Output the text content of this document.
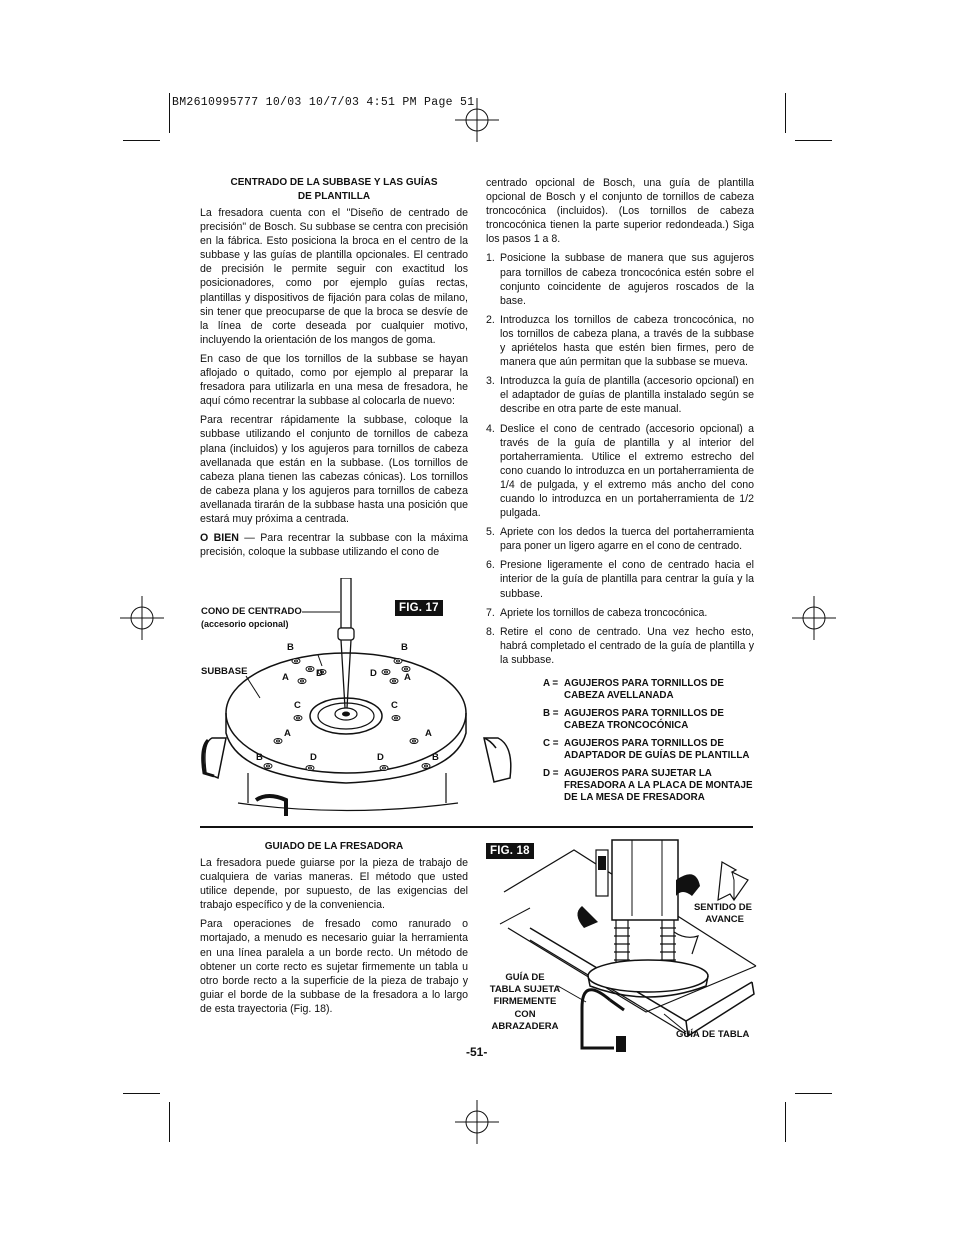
BM2610995777 10/03 10/7/03 4:51 PM Page 51
CENTRADO DE LA SUBBASE Y LAS GUÍAS
DE PLANTILLA

La fresadora cuenta con el "Diseño de centrado de precisión" de Bosch. Su subbase se centra con precisión en la fábrica. Esto posiciona la broca en el centro de la subbase y las guías de plantilla opcionales. El centrado de precisión le permite seguir con exactitud los posicionadores, como por ejemplo guías rectas, plantillas y dispositivos de fijación para colas de milano, sin tener que preocuparse de que la broca se desvíe de la línea de corte deseada por cualquier motivo, incluyendo la orientación de los mangos de goma.

En caso de que los tornillos de la subbase se hayan aflojado o quitado, como por ejemplo al preparar la fresadora para utilizarla en una mesa de fresadora, he aquí cómo recentrar la subbase al colocarla de nuevo:

Para recentrar rápidamente la subbase, coloque la subbase utilizando el conjunto de tornillos de cabeza plana (incluidos) y los agujeros para tornillos de cabeza avellanada que están en la subbase. (Los tornillos de cabeza plana tienen las cabezas cónicas). Los tornillos de cabeza plana y los agujeros para tornillos de cabeza avellanada tirarán de la subbase hasta una posición que estará muy próxima a centrada.

O BIEN — Para recentrar la subbase con la máxima precisión, coloque la subbase utilizando el cono de

centrado opcional de Bosch, una guía de plantilla opcional de Bosch y el conjunto de tornillos de cabeza troncocónica (incluidos). (Los tornillos de cabeza troncocónica tienen la parte superior redondeada.) Siga los pasos 1 a 8.

1. Posicione la subbase de manera que sus agujeros para tornillos de cabeza troncocónica estén sobre el conjunto coincidente de agujeros roscados de la base.
2. Introduzca los tornillos de cabeza troncocónica, no los tornillos de cabeza plana, a través de la subbase y apriételos hasta que estén bien firmes, pero de manera que aún permitan que la subbase se mueva.
3. Introduzca la guía de plantilla (accesorio opcional) en el adaptador de guías de plantilla instalado según se describe en otra parte de este manual.
4. Deslice el cono de centrado (accesorio opcional) a través de la guía de plantilla y al interior del portaherramienta. Utilice el extremo estrecho del cono cuando lo introduzca en un portaherramienta de 1/4 de pulgada, y el extremo más ancho del cono cuando lo introduzca en un portaherramienta de 1/2 pulgada.
5. Apriete con los dedos la tuerca del portaherramienta para poner un ligero agarre en el cono de centrado.
6. Presione ligeramente el cono de centrado hacia el interior de la guía de plantilla para centrar la guía y la subbase.
7. Apriete los tornillos de cabeza troncocónica.
8. Retire el cono de centrado. Una vez hecho esto, habrá completado el centrado de la guía de plantilla y la subbase.
FIG. 17
CONO DE CENTRADO
(accesorio opcional)
SUBBASE
B	B
A	D	D	A
C	C
A	A
B	D	D	B
A = AGUJEROS PARA TORNILLOS DE CABEZA AVELLANADA
B = AGUJEROS PARA TORNILLOS DE CABEZA TRONCOCÓNICA
C = AGUJEROS PARA TORNILLOS DE ADAPTADOR DE GUÍAS DE PLANTILLA
D = AGUJEROS PARA SUJETAR LA FRESADORA A LA PLACA DE MONTAJE DE LA MESA DE FRESADORA
GUIADO DE LA FRESADORA

La fresadora puede guiarse por la pieza de trabajo de cualquiera de varias maneras. El método que usted utilice depende, por supuesto, de las exigencias del trabajo específico y de la conveniencia.

Para operaciones de fresado como ranurado o mortajado, a menudo es necesario guiar la herramienta en una línea paralela a un borde recto. Un método de obtener un corte recto es sujetar firmemente un tabla u otro borde recto a la superficie de la pieza de trabajo y guiar el borde de la subbase de la fresadora a lo largo de esta trayectoria (Fig. 18).

FIG. 18
SENTIDO DE
AVANCE
GUÍA DE
TABLA SUJETA
FIRMEMENTE
CON
ABRAZADERA
GUÍA DE TABLA
-51-
